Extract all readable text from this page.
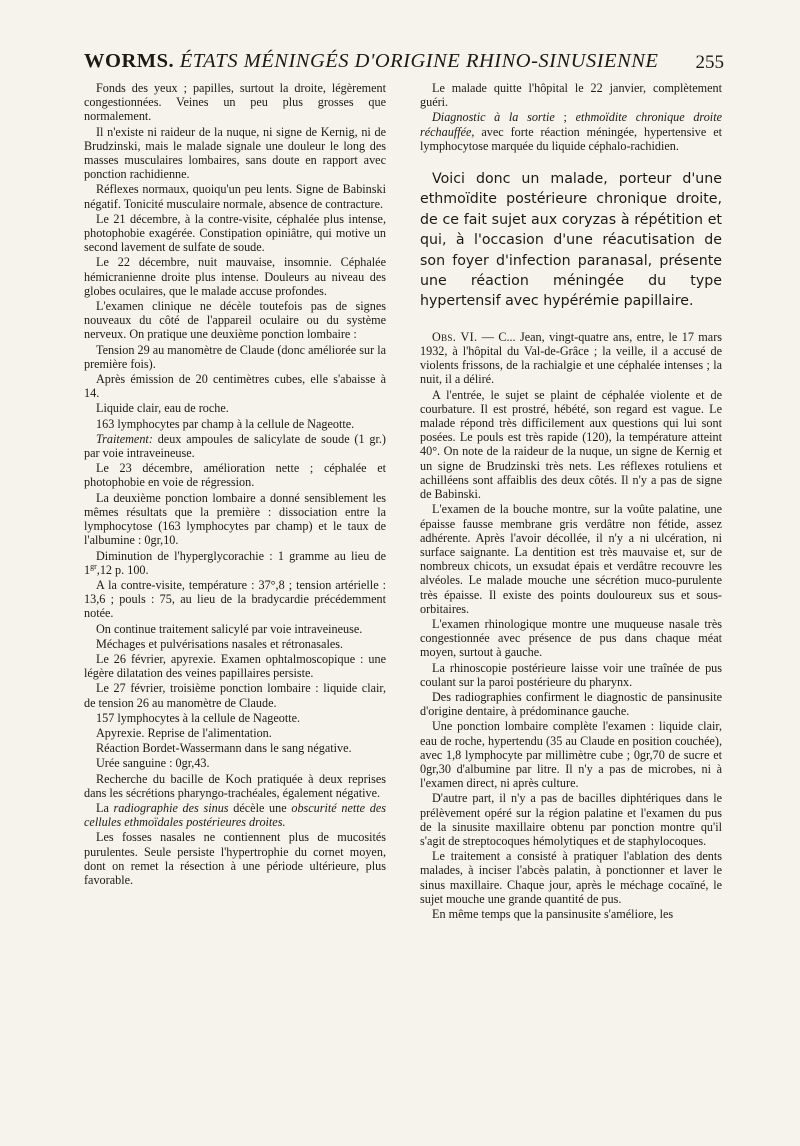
WORMS. ÉTATS MÉNINGÉS D'ORIGINE RHINO-SINUSIENNE 255

Fonds des yeux ; papilles, surtout la droite, légèrement congestionnées. Veines un peu plus grosses que normalement.

Il n'existe ni raideur de la nuque, ni signe de Kernig, ni de Brudzinski, mais le malade signale une douleur le long des masses musculaires lombaires, sans doute en rapport avec ponction rachidienne.

Réflexes normaux, quoiqu'un peu lents. Signe de Babinski négatif. Tonicité musculaire normale, absence de contracture.

Le 21 décembre, à la contre-visite, céphalée plus intense, photophobie exagérée. Constipation opiniâtre, qui motive un second lavement de sulfate de soude.

Le 22 décembre, nuit mauvaise, insomnie. Céphalée hémicranienne droite plus intense. Douleurs au niveau des globes oculaires, que le malade accuse profondes.

L'examen clinique ne décèle toutefois pas de signes nouveaux du côté de l'appareil oculaire ou du système nerveux. On pratique une deuxième ponction lombaire :

Tension 29 au manomètre de Claude (donc améliorée sur la première fois).

Après émission de 20 centimètres cubes, elle s'abaisse à 14.

Liquide clair, eau de roche.

163 lymphocytes par champ à la cellule de Nageotte.

Traitement: deux ampoules de salicylate de soude (1 gr.) par voie intraveineuse.

Le 23 décembre, amélioration nette ; céphalée et photophobie en voie de régression.

La deuxième ponction lombaire a donné sensiblement les mêmes résultats que la première : dissociation entre la lymphocytose (163 lymphocytes par champ) et le taux de l'albumine : 0gr,10.

Diminution de l'hyperglycorachie : 1 gramme au lieu de $1^{gr},12$ p. 100.

A la contre-visite, température : 37°,8 ; tension artérielle : 13,6 ; pouls : 75, au lieu de la bradycardie précédemment notée.

On continue traitement salicylé par voie intraveineuse.

Méchages et pulvérisations nasales et rétronasales.

Le 26 février, apyrexie. Examen ophtalmoscopique : une légère dilatation des veines papillaires persiste.

Le 27 février, troisième ponction lombaire : liquide clair, de tension 26 au manomètre de Claude.

157 lymphocytes à la cellule de Nageotte.

Apyrexie. Reprise de l'alimentation.

Réaction Bordet-Wassermann dans le sang négative.

Urée sanguine : 0gr,43.

Recherche du bacille de Koch pratiquée à deux reprises dans les sécrétions pharyngo-trachéales, également négative.

La radiographie des sinus décèle une obscurité nette des cellules ethmoïdales postérieures droites.

Les fosses nasales ne contiennent plus de mucosités purulentes. Seule persiste l'hypertrophie du cornet moyen, dont on remet la résection à une période ultérieure, plus favorable.

Le malade quitte l'hôpital le 22 janvier, complètement guéri.

Diagnostic à la sortie ; ethmoïdite chronique droite réchauffée, avec forte réaction méningée, hypertensive et lymphocytose marquée du liquide céphalo-rachidien.

Voici donc un malade, porteur d'une ethmoïdite postérieure chronique droite, de ce fait sujet aux coryzas à répétition et qui, à l'occasion d'une réacutisation de son foyer d'infection paranasal, présente une réaction méningée du type hypertensif avec hypérémie papillaire.

Obs. VI. — C... Jean, vingt-quatre ans, entre, le 17 mars 1932, à l'hôpital du Val-de-Grâce ; la veille, il a accusé de violents frissons, de la rachialgie et une céphalée intenses ; la nuit, il a déliré.

A l'entrée, le sujet se plaint de céphalée violente et de courbature. Il est prostré, hébété, son regard est vague. Le malade répond très difficilement aux questions qui lui sont posées. Le pouls est très rapide (120), la température atteint 40°. On note de la raideur de la nuque, un signe de Kernig et un signe de Brudzinski très nets. Les réflexes rotuliens et achilléens sont affaiblis des deux côtés. Il n'y a pas de signe de Babinski.

L'examen de la bouche montre, sur la voûte palatine, une épaisse fausse membrane gris verdâtre non fétide, assez adhérente. Après l'avoir décollée, il n'y a ni ulcération, ni surface saignante. La dentition est très mauvaise et, sur de nombreux chicots, un exsudat épais et verdâtre recouvre les alvéoles. Le malade mouche une sécrétion muco-purulente très épaisse. Il existe des points douloureux sus et sous-orbitaires.

L'examen rhinologique montre une muqueuse nasale très congestionnée avec présence de pus dans chaque méat moyen, surtout à gauche.

La rhinoscopie postérieure laisse voir une traînée de pus coulant sur la paroi postérieure du pharynx.

Des radiographies confirment le diagnostic de pansinusite d'origine dentaire, à prédominance gauche.

Une ponction lombaire complète l'examen : liquide clair, eau de roche, hypertendu (35 au Claude en position couchée), avec 1,8 lymphocyte par millimètre cube ; 0gr,70 de sucre et 0gr,30 d'albumine par litre. Il n'y a pas de microbes, ni à l'examen direct, ni après culture.

D'autre part, il n'y a pas de bacilles diphtériques dans le prélèvement opéré sur la région palatine et l'examen du pus de la sinusite maxillaire obtenu par ponction montre qu'il s'agit de streptocoques hémolytiques et de staphylocoques.

Le traitement a consisté à pratiquer l'ablation des dents malades, à inciser l'abcès palatin, à ponctionner et laver le sinus maxillaire. Chaque jour, après le méchage cocaïné, le sujet mouche une grande quantité de pus.

En même temps que la pansinusite s'améliore, les
